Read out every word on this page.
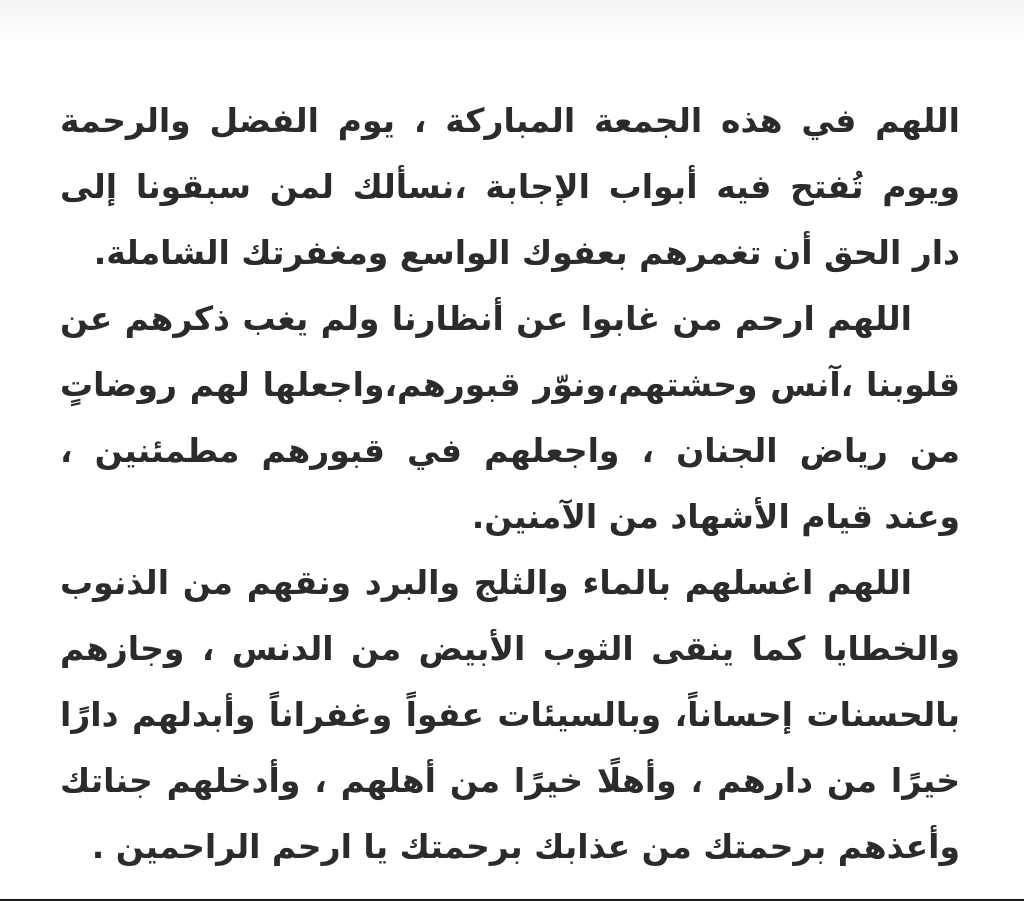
اللهم في هذه الجمعة المباركة ، يوم الفضل والرحمة ويوم تُفتح فيه أبواب الإجابة ،نسألك لمن سبقونا إلى دار الحق أن تغمرهم بعفوك الواسع ومغفرتك الشاملة.

اللهم ارحم من غابوا عن أنظارنا ولم يغب ذكرهم عن قلوبنا ،آنس وحشتهم،ونوّر قبورهم،واجعلها لهم روضاتٍ من رياض الجنان ، واجعلهم في قبورهم مطمئنين ، وعند قيام الأشهاد من الآمنين.

اللهم اغسلهم بالماء والثلج والبرد ونقهم من الذنوب والخطايا كما ينقى الثوب الأبيض من الدنس ، وجازهم بالحسنات إحساناً، وبالسيئات عفواً وغفراناً وأبدلهم دارًا خيرًا من دارهم ، وأهلًا خيرًا من أهلهم ، وأدخلهم جناتك وأعذهم برحمتك من عذابك برحمتك يا ارحم الراحمين .
